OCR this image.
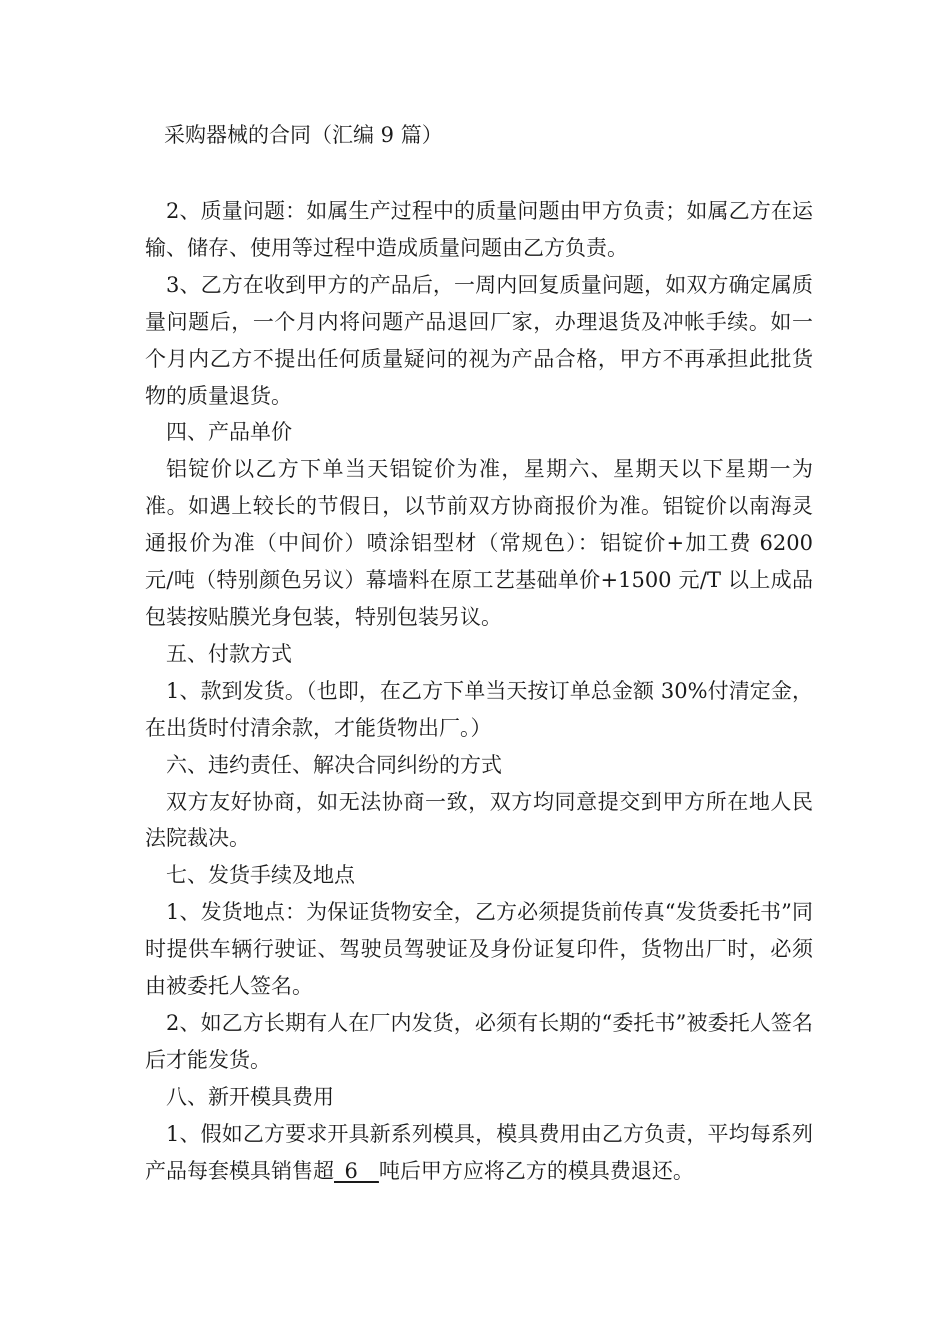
采购器械的合同（汇编 9 篇）

2、质量问题：如属生产过程中的质量问题由甲方负责；如属乙方在运输、储存、使用等过程中造成质量问题由乙方负责。

3、乙方在收到甲方的产品后，一周内回复质量问题，如双方确定属质量问题后，一个月内将问题产品退回厂家，办理退货及冲帐手续。如一个月内乙方不提出任何质量疑问的视为产品合格，甲方不再承担此批货物的质量退货。

四、产品单价

铝锭价以乙方下单当天铝锭价为准，星期六、星期天以下星期一为准。如遇上较长的节假日，以节前双方协商报价为准。铝锭价以南海灵通报价为准（中间价）喷涂铝型材（常规色）：铝锭价+加工费 6200 元/吨（特别颜色另议）幕墙料在原工艺基础单价+1500 元/T 以上成品包装按贴膜光身包装，特别包装另议。

五、付款方式

1、款到发货。（也即，在乙方下单当天按订单总金额 30%付清定金，在出货时付清余款，才能货物出厂。）

六、违约责任、解决合同纠纷的方式

双方友好协商，如无法协商一致，双方均同意提交到甲方所在地人民法院裁决。

七、发货手续及地点

1、发货地点：为保证货物安全，乙方必须提货前传真“发货委托书”同时提供车辆行驶证、驾驶员驾驶证及身份证复印件，货物出厂时，必须由被委托人签名。

2、如乙方长期有人在厂内发货，必须有长期的“委托书”被委托人签名后才能发货。

八、新开模具费用

1、假如乙方要求开具新系列模具，模具费用由乙方负责，平均每系列产品每套模具销售超_6__吨后甲方应将乙方的模具费退还。
